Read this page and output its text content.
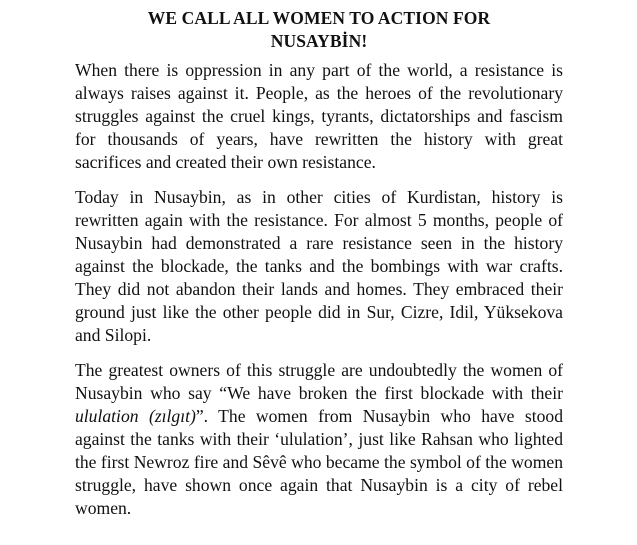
WE CALL ALL WOMEN TO ACTION FOR
NUSAYBİN!

When there is oppression in any part of the world, a resistance is always raises against it. People, as the heroes of the revolutionary struggles against the cruel kings, tyrants, dictatorships and fascism for thousands of years, have rewritten the history with great sacrifices and created their own resistance.

Today in Nusaybin, as in other cities of Kurdistan, history is rewritten again with the resistance. For almost 5 months, people of Nusaybin had demonstrated a rare resistance seen in the history against the blockade, the tanks and the bombings with war crafts. They did not abandon their lands and homes. They embraced their ground just like the other people did in Sur, Cizre, Idil, Yüksekova and Silopi.

The greatest owners of this struggle are undoubtedly the women of Nusaybin who say “We have broken the first blockade with their ululation (zılgıt)”. The women from Nusaybin who have stood against the tanks with their ‘ululation’, just like Rahsan who lighted the first Newroz fire and Sêvê who became the symbol of the women struggle, have shown once again that Nusaybin is a city of rebel women.
